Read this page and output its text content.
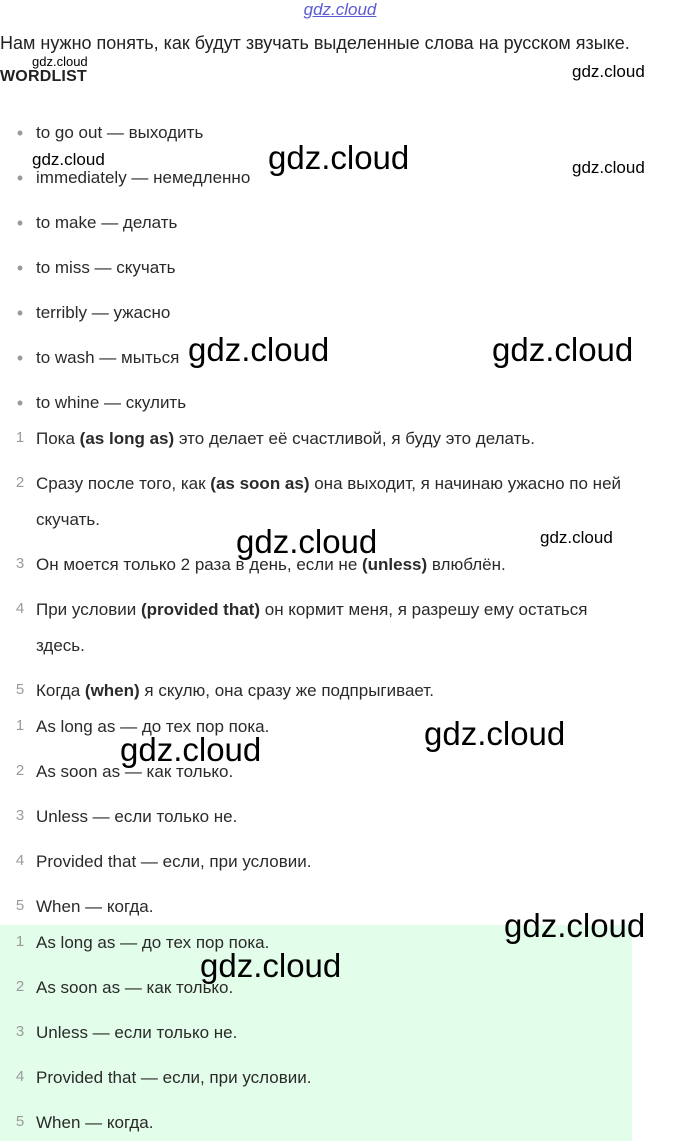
gdz.cloud
Нам нужно понять, как будут звучать выделенные слова на русском языке.
WORDLIST
• to go out — выходить
• immediately — немедленно
• to make — делать
• to miss — скучать
• terribly — ужасно
• to wash — мыться
• to whine — скулить
1 Пока (as long as) это делает её счастливой, я буду это делать.
2 Сразу после того, как (as soon as) она выходит, я начинаю ужасно по ней
скучать.
3 Он моется только 2 раза в день, если не (unless) влюблён.
4 При условии (provided that) он кормит меня, я разрешу ему остаться
здесь.
5 Когда (when) я скулю, она сразу же подпрыгивает.
1 As long as — до тех пор пока.
2 As soon as — как только.
3 Unless — если только не.
4 Provided that — если, при условии.
5 When — когда.
1 As long as — до тех пор пока.
2 As soon as — как только.
3 Unless — если только не.
4 Provided that — если, при условии.
5 When — когда.
gdz.cloud
gdz.cloud
gdz.cloud	gdz.cloud	gdz.cloud
gdz.cloud	gdz.cloud
gdz.cloud	gdz.cloud
gdz.cloud
gdz.cloud
gdz.cloud
gdz.cloud
